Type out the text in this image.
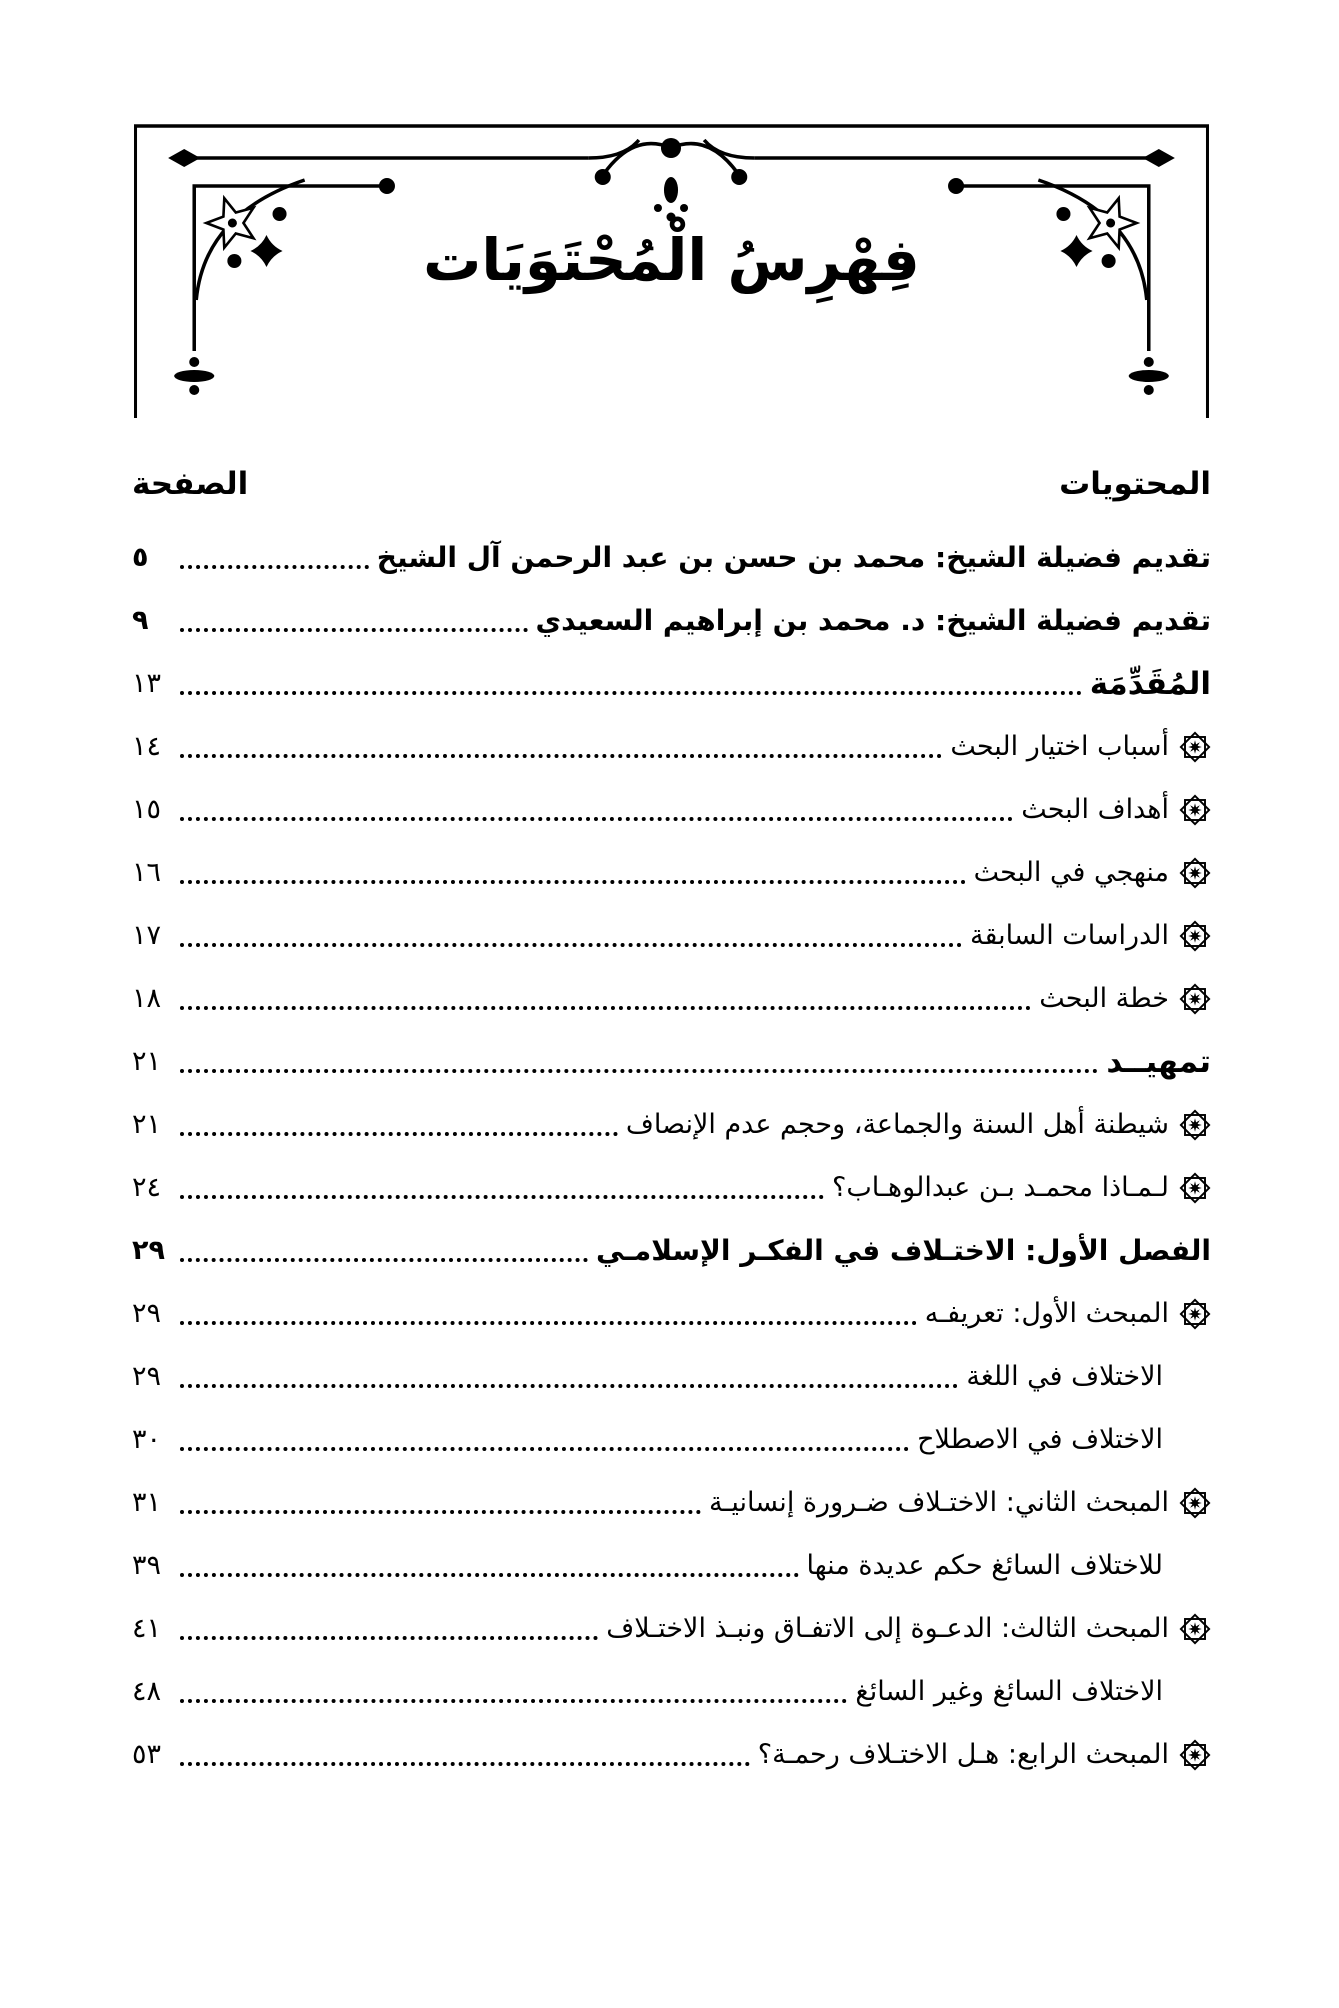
فِهْرِسُ الْمُحْتَوَيَات
المحتويات
الصفحة
تقديم فضيلة الشيخ: محمد بن حسن بن عبد الرحمن آل الشيخ
٥
تقديم فضيلة الشيخ: د. محمد بن إبراهيم السعيدي
٩
المُقَدِّمَة
١٣
أسباب اختيار البحث
١٤
أهداف البحث
١٥
منهجي في البحث
١٦
الدراسات السابقة
١٧
خطة البحث
١٨
تمهيــد
٢١
شيطنة أهل السنة والجماعة، وحجم عدم الإنصاف
٢١
لـمـاذا محمـد بـن عبدالوهـاب؟
٢٤
الفصل الأول: الاختـلاف في الفكـر الإسلامـي
٢٩
المبحث الأول: تعريفـه
٢٩
الاختلاف في اللغة
٢٩
الاختلاف في الاصطلاح
٣٠
المبحث الثاني: الاختـلاف ضـرورة إنسانيـة
٣١
للاختلاف السائغ حكم عديدة منها
٣٩
المبحث الثالث: الدعـوة إلى الاتفـاق ونبـذ الاختـلاف
٤١
الاختلاف السائغ وغير السائغ
٤٨
المبحث الرابع: هـل الاختـلاف رحمـة؟
٥٣
